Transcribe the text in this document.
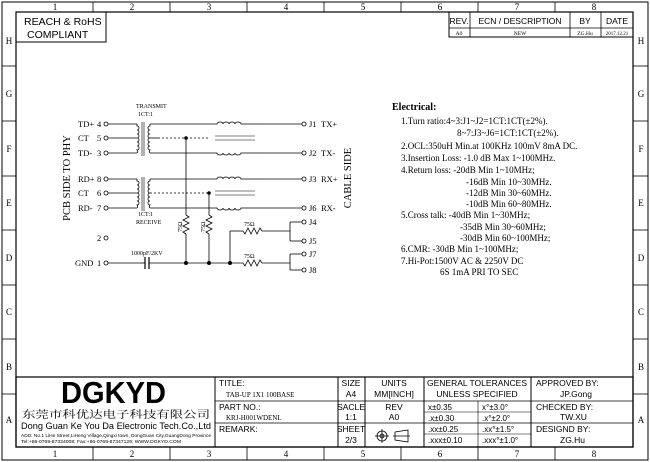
1	2	3	4	5	6	7	8
1	2	3	4	5	6	7	8
H
G
F
E
D
C
B
A
H
G
F
E
D
C
B
A
REACH & RoHS
COMPLIANT
REV. ECN / DESCRIPTION BY DATE
A0	NEW	ZG.Hu	2017.12.21
PCB SIDE TO PHY	CABLE SIDE
TRANSMIT
1CT:1
1CT:1
RECEIVE
TD+ 4
CT 5
TD- 3
RD+ 8
CT 6
RD- 7
2
GND 1
J1 TX+
J2 TX-
J3 RX+
J6 RX-
J4
J5
J7
J8
75Ω	75Ω	75Ω
75Ω
1000pF/2KV
Electrical:
1.Turn ratio:4~3:J1~J2=1CT:1CT(±2%).
8~7:J3~J6=1CT:1CT(±2%).
2.OCL:350uH Min.at 100KHz 100mV 8mA DC.
3.Insertion Loss: -1.0 dB Max 1~100MHz.
4.Return loss: -20dB Min 1~10MHz;
-16dB Min 10~30MHz.
-12dB Min 30~60MHz.
-10dB Min 60~80MHz.
5.Cross talk: -40dB Min 1~30MHz;
-35dB Min 30~60MHz;
-30dB Min 60~100MHz;
6.CMR: -30dB Min 1~100MHz;
7.Hi-Pot:1500V AC & 2250V DC
6S 1mA PRI TO SEC
DGKYD
东莞市科优达电子科技有限公司
Dong Guan Ke You Da Electronic Tech.Co.,Ltd
ADD: No.1 LiHe Street,LiHeng Village,Qingxi town, DongGuan City,GuangDong Province
Tel:+86-0769-87334008; Fax:+86-0769-87347129; WWW.DGKYD.COM
TITLE:
TAB-UP 1X1 100BASE
PART NO.:
KRJ-H001WDENL
REMARK:
SIZE
A4
SACLE
1:1
SHEET
2/3
UNITS
MM[INCH]
REV
A0
GENERAL TOLERANCES
UNLESS SPECIFIED
x±0.35	x°±3.0°
.x±0.30	.x°±2.0°
.xx±0.25	.xx°±1.5°
.xxx±0.10 .xxx°±1.0°
APPROVED BY:
JP.Gong
CHECKED BY:
TW.XU
DESIGND BY:
ZG.Hu
